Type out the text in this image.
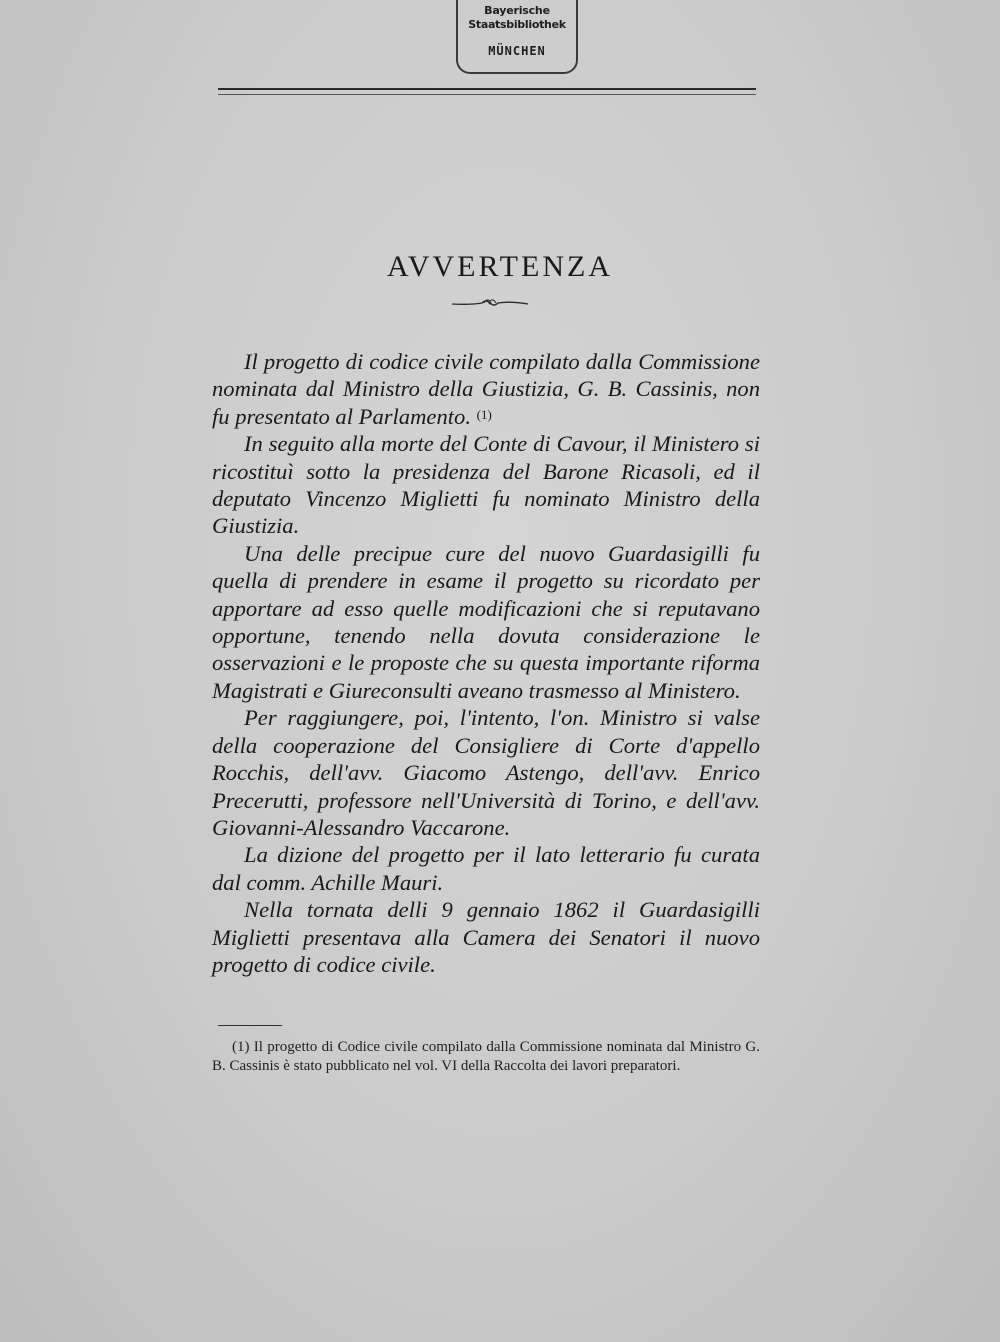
Bayerische
Staatsbibliothek
MÜNCHEN
AVVERTENZA

Il progetto di codice civile compilato dalla Commissione nominata dal Ministro della Giustizia, G. B. Cassinis, non fu presentato al Parlamento. $^{(1)}$

In seguito alla morte del Conte di Cavour, il Ministero si ricostituì sotto la presidenza del Barone Ricasoli, ed il deputato Vincenzo Miglietti fu nominato Ministro della Giustizia.

Una delle precipue cure del nuovo Guardasigilli fu quella di prendere in esame il progetto su ricordato per apportare ad esso quelle modificazioni che si reputavano opportune, tenendo nella dovuta considerazione le osservazioni e le proposte che su questa importante riforma Magistrati e Giureconsulti aveano trasmesso al Ministero.

Per raggiungere, poi, l'intento, l'on. Ministro si valse della cooperazione del Consigliere di Corte d'appello Rocchis, dell'avv. Giacomo Astengo, dell'avv. Enrico Precerutti, professore nell'Università di Torino, e dell'avv. Giovanni-Alessandro Vaccarone.

La dizione del progetto per il lato letterario fu curata dal comm. Achille Mauri.

Nella tornata delli 9 gennaio 1862 il Guardasigilli Miglietti presentava alla Camera dei Senatori il nuovo progetto di codice civile.

(1) Il progetto di Codice civile compilato dalla Commissione nominata dal Ministro G. B. Cassinis è stato pubblicato nel vol. VI della Raccolta dei lavori preparatori.
